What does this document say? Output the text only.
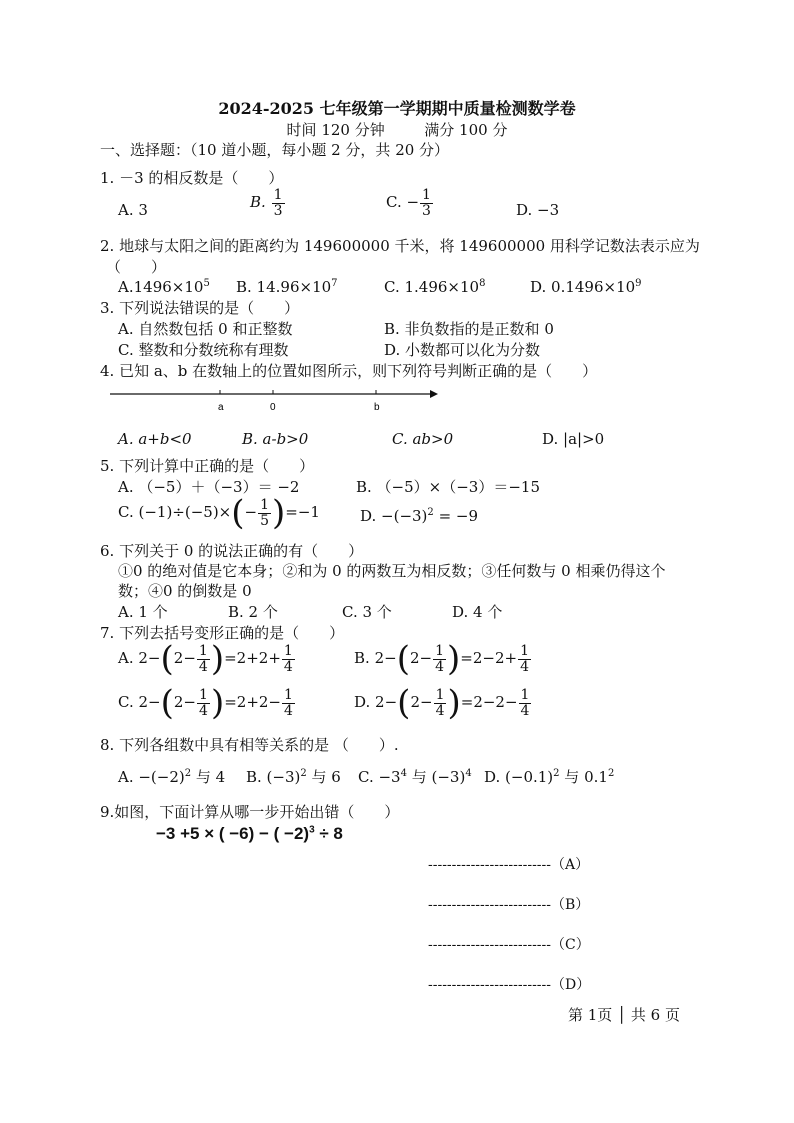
2024-2025 七年级第一学期期中质量检测数学卷
时间 120 分钟	满分 100 分
一、选择题：（10 道小题，每小题 2 分，共 20 分）
1. －3 的相反数是（　　）
A. 3	B. $\frac{1}{3}$	C. − $\frac{1}{3}$	D. −3
2. 地球与太阳之间的距离约为 149600000 千米，将 149600000 用科学记数法表示应为
（　　）
$A.1496\times 10^5$ B. $14.96\times 10^7$	C. $1.496\times 10^8$	D. $0.1496\times 10^9$
3. 下列说法错误的是（　　）
A. 自然数包括 0 和正整数	B. 非负数指的是正数和 0
C. 整数和分数统称有理数	D. 小数都可以化为分数
4. 已知 a、b 在数轴上的位置如图所示，则下列符号判断正确的是（　　）
a	0	b
A. a+b<0	B. a-b>0	C. ab>0	D. |a|>0
5. 下列计算中正确的是（　　）
A. （−5）＋（−3）＝ −2	B. （−5）×（−3）＝−15
C. $(-1)\div(-5)\times(- \frac{1}{5} )=-1$	D. $-(-3)^2 = -9$
6. 下列关于 0 的说法正确的有（　　）
①0 的绝对值是它本身；②和为 0 的两数互为相反数；③任何数与 0 相乘仍得这个
数；④0 的倒数是 0
A. 1 个	B. 2 个	C. 3 个	D. 4 个
7. 下列去括号变形正确的是（　　）
A. $2-(2- \frac{1}{4} )=2+2+ \frac{1}{4}$	B. $2-(2- \frac{1}{4} )=2-2+ \frac{1}{4}$
C. $2-(2- \frac{1}{4} )=2+2- \frac{1}{4}$	D. $2-(2- \frac{1}{4} )=2-2- \frac{1}{4}$
8. 下列各组数中具有相等关系的是 （　　）.
A. $-(-2)^2$ 与 4 B. $(-3)^2$ 与 6 C. $-3^4$ 与 $(-3)^4$ D. $(-0.1)^2$ 与 $0.1^2$
9.如图，下面计算从哪一步开始出错（　　）
−3 +5 × ( −6) − ( −2)$^3$ ÷ 8
--------------------------（A）
--------------------------（B）
--------------------------（C）
--------------------------（D）
第 1页 │ 共 6 页
